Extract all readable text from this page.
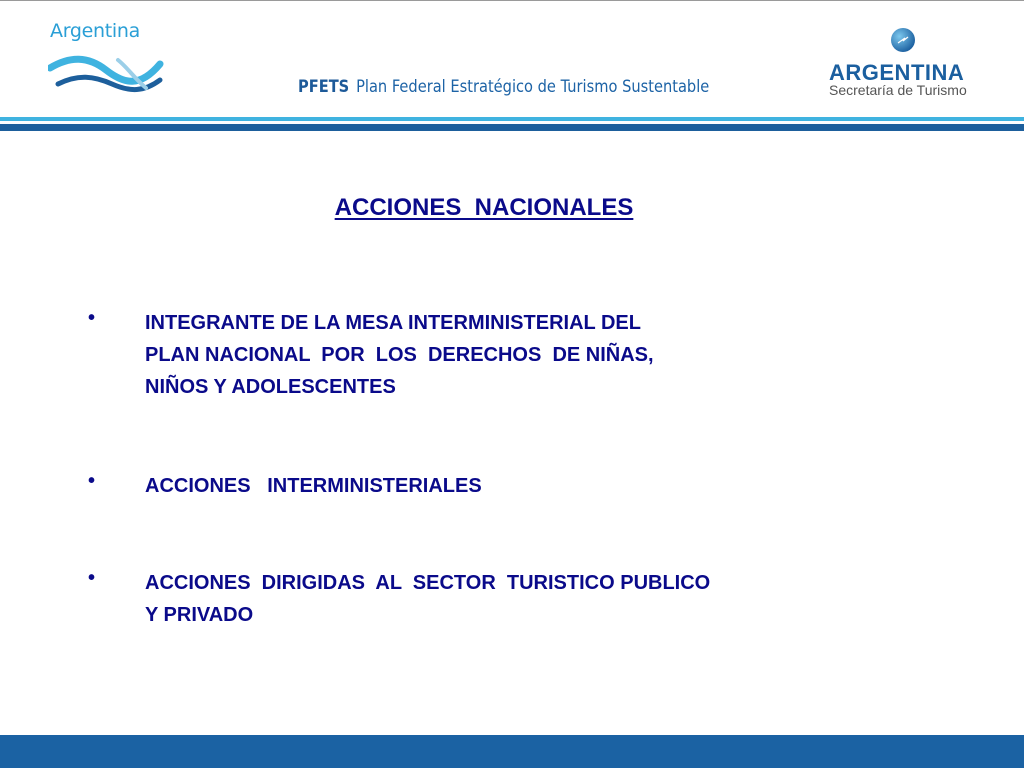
Argentina
PFETS Plan Federal Estratégico de Turismo Sustentable
ARGENTINA
Secretaría de Turismo
ACCIONES  NACIONALES
• INTEGRANTE DE LA MESA INTERMINISTERIAL DEL
PLAN NACIONAL  POR  LOS  DERECHOS  DE NIÑAS,
NIÑOS Y ADOLESCENTES
• ACCIONES   INTERMINISTERIALES
• ACCIONES  DIRIGIDAS  AL  SECTOR  TURISTICO PUBLICO
Y PRIVADO
